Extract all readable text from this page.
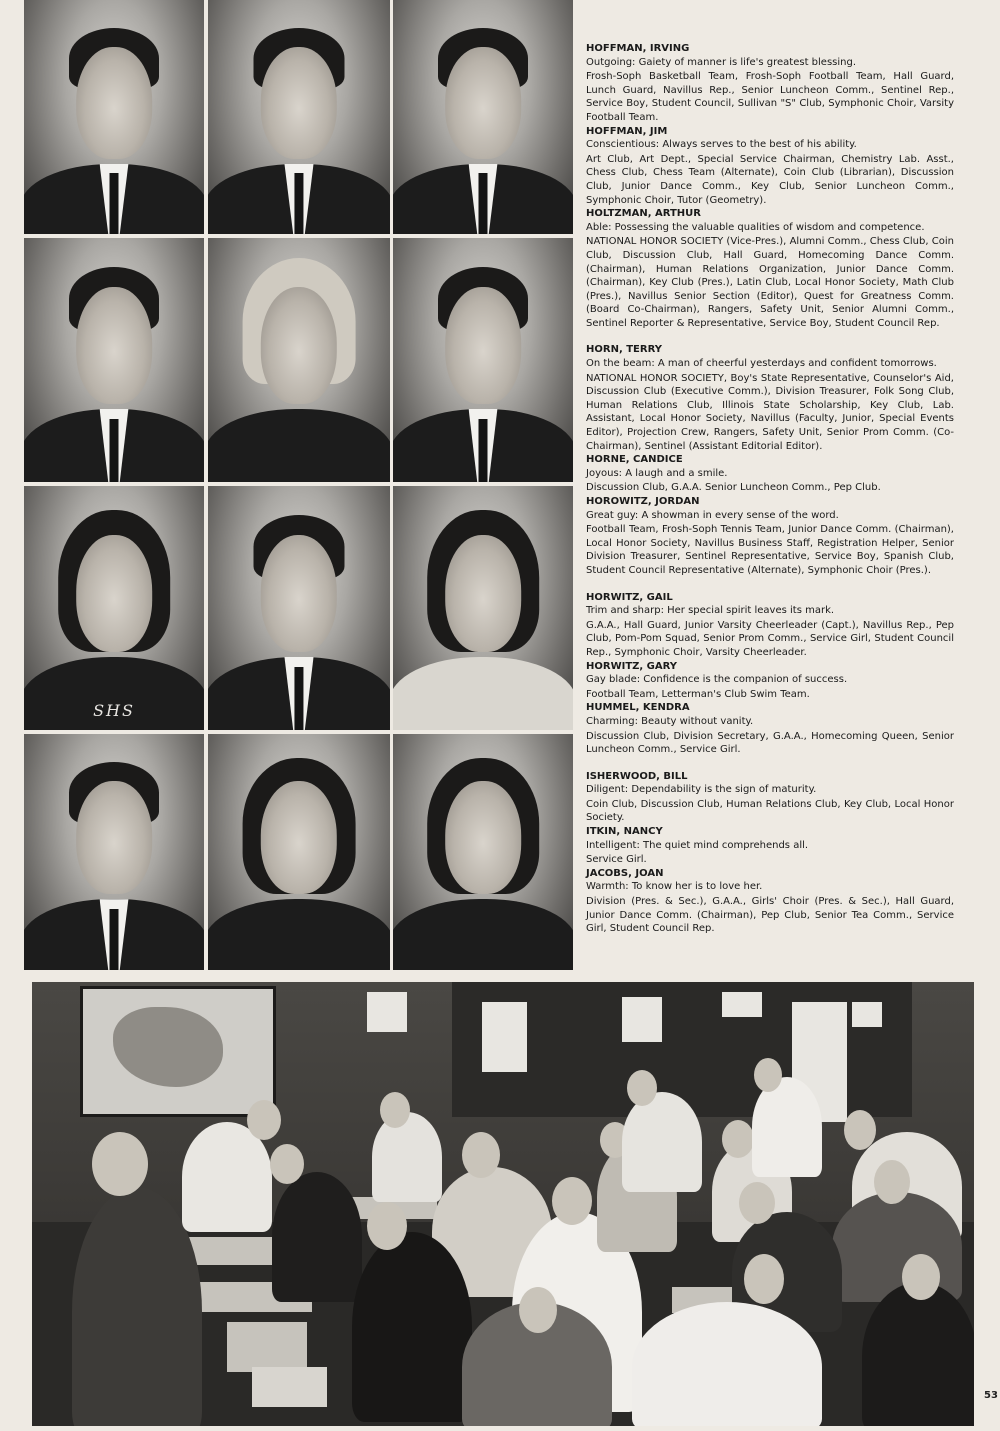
SHS
HOFFMAN, IRVING
Outgoing: Gaiety of manner is life's greatest blessing.
Frosh-Soph Basketball Team, Frosh-Soph Football Team, Hall Guard, Lunch Guard, Navillus Rep., Senior Luncheon Comm., Sentinel Rep., Service Boy, Student Council, Sullivan "S" Club, Symphonic Choir, Varsity Football Team.
HOFFMAN, JIM
Conscientious: Always serves to the best of his ability.
Art Club, Art Dept., Special Service Chairman, Chemistry Lab. Asst., Chess Club, Chess Team (Alternate), Coin Club (Librarian), Discussion Club, Junior Dance Comm., Key Club, Senior Luncheon Comm., Symphonic Choir, Tutor (Geometry).
HOLTZMAN, ARTHUR
Able: Possessing the valuable qualities of wisdom and competence.
NATIONAL HONOR SOCIETY (Vice-Pres.), Alumni Comm., Chess Club, Coin Club, Discussion Club, Hall Guard, Homecoming Dance Comm. (Chairman), Human Relations Organization, Junior Dance Comm. (Chairman), Key Club (Pres.), Latin Club, Local Honor Society, Math Club (Pres.), Navillus Senior Section (Editor), Quest for Greatness Comm. (Board Co-Chairman), Rangers, Safety Unit, Senior Alumni Comm., Sentinel Reporter & Representative, Service Boy, Student Council Rep.
HORN, TERRY
On the beam: A man of cheerful yesterdays and confident tomorrows.
NATIONAL HONOR SOCIETY, Boy's State Representative, Counselor's Aid, Discussion Club (Executive Comm.), Division Treasurer, Folk Song Club, Human Relations Club, Illinois State Scholarship, Key Club, Lab. Assistant, Local Honor Society, Navillus (Faculty, Junior, Special Events Editor), Projection Crew, Rangers, Safety Unit, Senior Prom Comm. (Co-Chairman), Sentinel (Assistant Editorial Editor).
HORNE, CANDICE
Joyous: A laugh and a smile.
Discussion Club, G.A.A. Senior Luncheon Comm., Pep Club.
HOROWITZ, JORDAN
Great guy: A showman in every sense of the word.
Football Team, Frosh-Soph Tennis Team, Junior Dance Comm. (Chairman), Local Honor Society, Navillus Business Staff, Registration Helper, Senior Division Treasurer, Sentinel Representative, Service Boy, Spanish Club, Student Council Representative (Alternate), Symphonic Choir (Pres.).
HORWITZ, GAIL
Trim and sharp: Her special spirit leaves its mark.
G.A.A., Hall Guard, Junior Varsity Cheerleader (Capt.), Navillus Rep., Pep Club, Pom-Pom Squad, Senior Prom Comm., Service Girl, Student Council Rep., Symphonic Choir, Varsity Cheerleader.
HORWITZ, GARY
Gay blade: Confidence is the companion of success.
Football Team, Letterman's Club Swim Team.
HUMMEL, KENDRA
Charming: Beauty without vanity.
Discussion Club, Division Secretary, G.A.A., Homecoming Queen, Senior Luncheon Comm., Service Girl.
ISHERWOOD, BILL
Diligent: Dependability is the sign of maturity.
Coin Club, Discussion Club, Human Relations Club, Key Club, Local Honor Society.
ITKIN, NANCY
Intelligent: The quiet mind comprehends all.
Service Girl.
JACOBS, JOAN
Warmth: To know her is to love her.
Division (Pres. & Sec.), G.A.A., Girls' Choir (Pres. & Sec.), Hall Guard, Junior Dance Comm. (Chairman), Pep Club, Senior Tea Comm., Service Girl, Student Council Rep.
53
